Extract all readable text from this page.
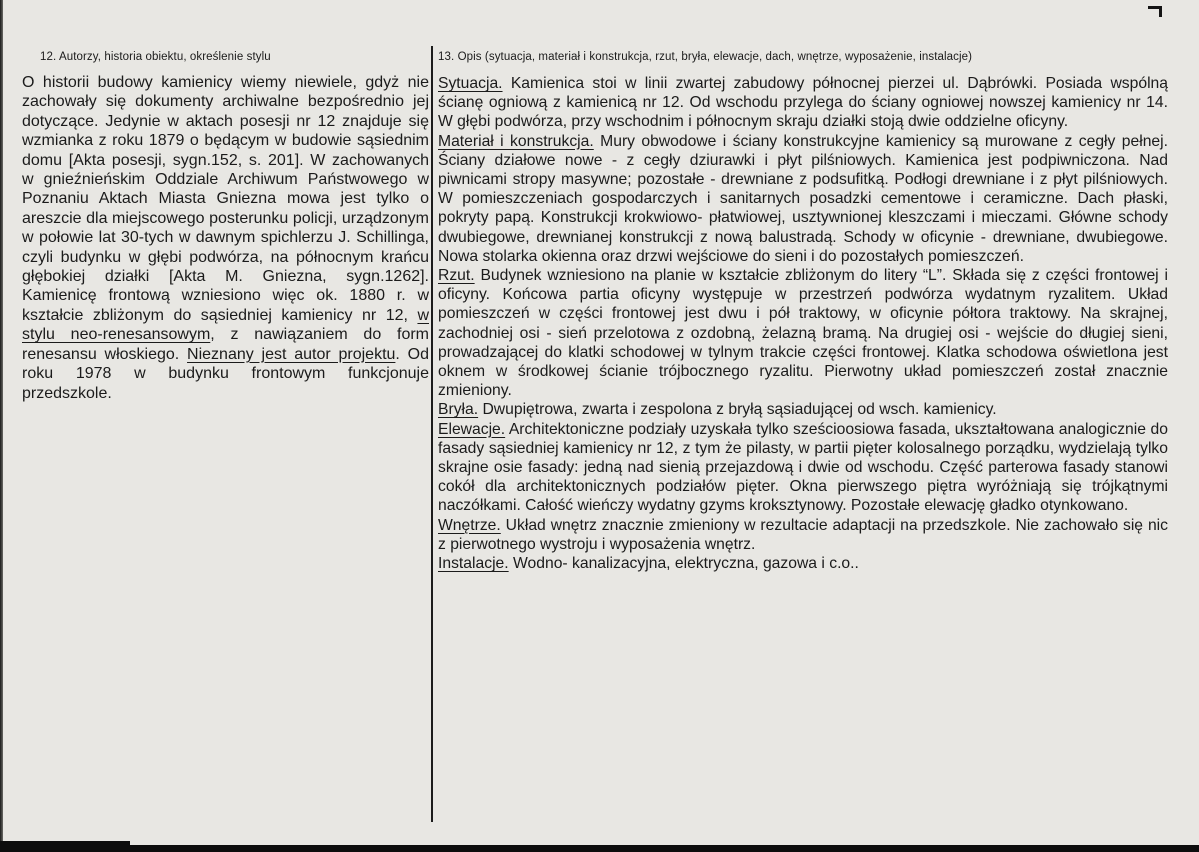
12. Autorzy, historia obiektu, określenie stylu
O historii budowy kamienicy wiemy niewiele, gdyż nie zachowały się dokumenty archiwalne bezpośrednio jej dotyczące. Jedynie w aktach posesji nr 12 znajduje się wzmianka z roku 1879 o będącym w budowie sąsiednim domu [Akta posesji, sygn.152, s. 201]. W zachowanych w gnieźnieńskim Oddziale Archiwum Państwowego w Poznaniu Aktach Miasta Gniezna mowa jest tylko o areszcie dla miejscowego posterunku policji, urządzonym w połowie lat 30-tych w dawnym spichlerzu J. Schillinga, czyli budynku w głębi podwórza, na północnym krańcu głębokiej działki [Akta M. Gniezna, sygn.1262]. Kamienicę frontową wzniesiono więc ok. 1880 r. w kształcie zbliżonym do sąsiedniej kamienicy nr 12, w stylu neo-renesansowym, z nawiązaniem do form renesansu włoskiego. Nieznany jest autor projektu. Od roku 1978 w budynku frontowym funkcjonuje przedszkole.
13. Opis (sytuacja, materiał i konstrukcja, rzut, bryła, elewacje, dach, wnętrze, wyposażenie, instalacje)
Sytuacja. Kamienica stoi w linii zwartej zabudowy północnej pierzei ul. Dąbrówki. Posiada wspólną ścianę ogniową z kamienicą nr 12. Od wschodu przylega do ściany ogniowej nowszej kamienicy nr 14. W głębi podwórza, przy wschodnim i północnym skraju działki stoją dwie oddzielne oficyny.
Materiał i konstrukcja. Mury obwodowe i ściany konstrukcyjne kamienicy są murowane z cegły pełnej. Ściany działowe nowe - z cegły dziurawki i płyt pilśniowych. Kamienica jest podpiwniczona. Nad piwnicami stropy masywne; pozostałe - drewniane z podsufitką. Podłogi drewniane i z płyt pilśniowych. W pomieszczeniach gospodarczych i sanitarnych posadzki cementowe i ceramiczne. Dach płaski, pokryty papą. Konstrukcji krokwiowo- płatwiowej, usztywnionej kleszczami i mieczami. Główne schody dwubiegowe, drewnianej konstrukcji z nową balustradą. Schody w oficynie - drewniane, dwubiegowe. Nowa stolarka okienna oraz drzwi wejściowe do sieni i do pozostałych pomieszczeń.
Rzut. Budynek wzniesiono na planie w kształcie zbliżonym do litery “L”. Składa się z części frontowej i oficyny. Końcowa partia oficyny występuje w przestrzeń podwórza wydatnym ryzalitem. Układ pomieszczeń w części frontowej jest dwu i pół traktowy, w oficynie półtora traktowy. Na skrajnej, zachodniej osi - sień przelotowa z ozdobną, żelazną bramą. Na drugiej osi - wejście do długiej sieni, prowadzającej do klatki schodowej w tylnym trakcie części frontowej. Klatka schodowa oświetlona jest oknem w środkowej ścianie trójbocznego ryzalitu. Pierwotny układ pomieszczeń został znacznie zmieniony.
Bryła. Dwupiętrowa, zwarta i zespolona z bryłą sąsiadującej od wsch. kamienicy.
Elewacje. Architektoniczne podziały uzyskała tylko sześcioosiowa fasada, ukształtowana analogicznie do fasady sąsiedniej kamienicy nr 12, z tym że pilasty, w partii pięter kolosalnego porządku, wydzielają tylko skrajne osie fasady: jedną nad sienią przejazdową i dwie od wschodu. Część parterowa fasady stanowi cokół dla architektonicznych podziałów pięter. Okna pierwszego piętra wyróżniają się trójkątnymi naczółkami. Całość wieńczy wydatny gzyms kroksztynowy. Pozostałe elewację gładko otynkowano.
Wnętrze. Układ wnętrz znacznie zmieniony w rezultacie adaptacji na przedszkole. Nie zachowało się nic z pierwotnego wystroju i wyposażenia wnętrz.
Instalacje. Wodno- kanalizacyjna, elektryczna, gazowa i c.o..
